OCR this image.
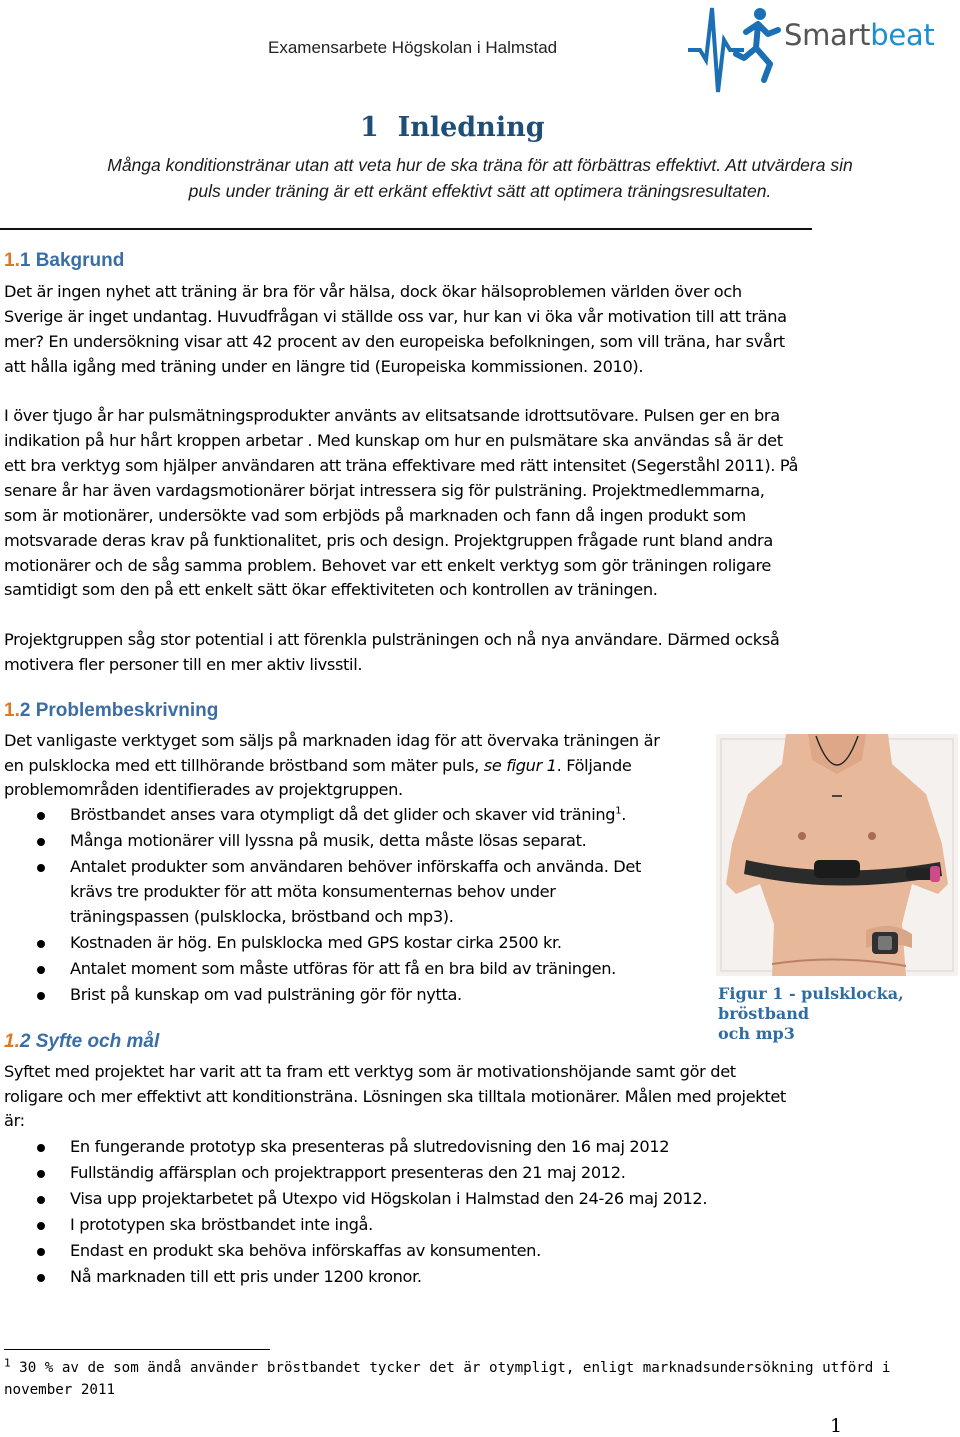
Examensarbete Högskolan i Halmstad	Smartbeat
1 Inledning
Många konditionstränar utan att veta hur de ska träna för att förbättras effektivt. Att utvärdera sin
puls under träning är ett erkänt effektivt sätt att optimera träningsresultaten.
1.1 Bakgrund
Det är ingen nyhet att träning är bra för vår hälsa, dock ökar hälsoproblemen världen över och
Sverige är inget undantag. Huvudfrågan vi ställde oss var, hur kan vi öka vår motivation till att träna
mer? En undersökning visar att 42 procent av den europeiska befolkningen, som vill träna, har svårt
att hålla igång med träning under en längre tid (Europeiska kommissionen. 2010).
I över tjugo år har pulsmätningsprodukter använts av elitsatsande idrottsutövare. Pulsen ger en bra
indikation på hur hårt kroppen arbetar . Med kunskap om hur en pulsmätare ska användas så är det
ett bra verktyg som hjälper användaren att träna effektivare med rätt intensitet (Segerståhl 2011). På
senare år har även vardagsmotionärer börjat intressera sig för pulsträning. Projektmedlemmarna,
som är motionärer, undersökte vad som erbjöds på marknaden och fann då ingen produkt som
motsvarade deras krav på funktionalitet, pris och design. Projektgruppen frågade runt bland andra
motionärer och de såg samma problem. Behovet var ett enkelt verktyg som gör träningen roligare
samtidigt som den på ett enkelt sätt ökar effektiviteten och kontrollen av träningen.
Projektgruppen såg stor potential i att förenkla pulsträningen och nå nya användare. Därmed också
motivera fler personer till en mer aktiv livsstil.
1.2 Problembeskrivning
Det vanligaste verktyget som säljs på marknaden idag för att övervaka träningen är
en pulsklocka med ett tillhörande bröstband som mäter puls, se figur 1. Följande
problemområden identifierades av projektgruppen.
Bröstbandet anses vara otympligt då det glider och skaver vid träning$^1$.
Många motionärer vill lyssna på musik, detta måste lösas separat.
Antalet produkter som användaren behöver införskaffa och använda. Det
krävs tre produkter för att möta konsumenternas behov under
träningspassen (pulsklocka, bröstband och mp3).
Kostnaden är hög. En pulsklocka med GPS kostar cirka 2500 kr.
Antalet moment som måste utföras för att få en bra bild av träningen.
Brist på kunskap om vad pulsträning gör för nytta.	Figur 1 - pulsklocka, bröstband
och mp3
1.2 Syfte och mål
Syftet med projektet har varit att ta fram ett verktyg som är motivationshöjande samt gör det
roligare och mer effektivt att konditionsträna. Lösningen ska tilltala motionärer. Målen med projektet
är:
En fungerande prototyp ska presenteras på slutredovisning den 16 maj 2012
Fullständig affärsplan och projektrapport presenteras den 21 maj 2012.
Visa upp projektarbetet på Utexpo vid Högskolan i Halmstad den 24-26 maj 2012.
I prototypen ska bröstbandet inte ingå.
Endast en produkt ska behöva införskaffas av konsumenten.
Nå marknaden till ett pris under 1200 kronor.
$^1$ 30 % av de som ändå använder bröstbandet tycker det är otympligt, enligt marknadsundersökning utförd i
november 2011
1
